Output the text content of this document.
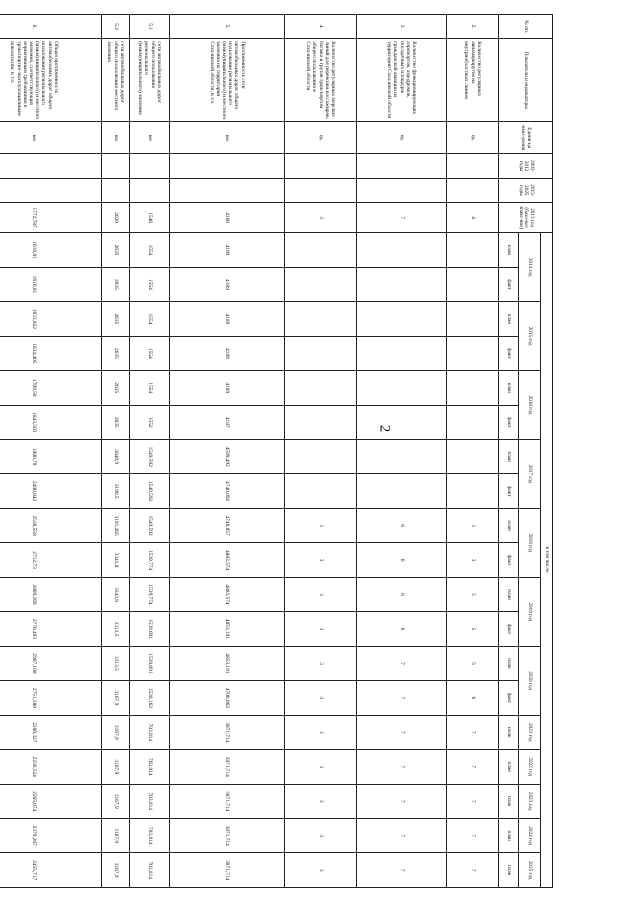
2
№ пп.	Показатели и индикаторы	Едини-ца изме-рения	2003-2012 годы	2013-2025 годы	2013 год (базо-вое значе-ние)	в том числе:																		
						2014 год		2015 год		2016 год		2017 год		2018 год		2019 год		2020 год		2021 год	2022 год	2023 год	2024 год	2025 год
						план	факт	план	факт	план	факт	план	факт	план	факт	план	факт	план	факт	план	план	план	план	план
2.	Количество регулярных авиамаршрутов на внутриобластных линиях	ед.			4									3	3	5	5	5	6	7	7	7	7	7
3.	Количество функционирующих аэропортов, аэродромов, посадочных площадок гражданской авиации на территории Сахалинской области	ед.			7									6	6	6	6	7	7	7	7	7	7	7
4.	Количество регулярных морских линий для перевозки пассажиров, багажа и грузов транспортом общего пользования в Сахалинской области	ед.			3									3	3	3	3	3	3	3	3	3	3	3
5.	Протяженность сети автомобильных дорог общего пользования регионального (межмуниципального) и местного значения на территории Сахалинской области, в т.ч.	км			4166	4189	4189	4189	4189	4189	4187	4599,492	4740,092	4740,857	4883,574	4883,574	4853,191	4853,191	4706,062	3871,714	3871,714	3871,714	3871,714	3871,714
5.1	сети автомобильных дорог общего пользования регионального (межмуниципального) значения	км			1546	1554	1554	1554	1554	1554	1552	1549,592	1549,592	1549,592	1539,774	1539,774	1539,691	1539,691	1538,162	703,814	703,814	703,814	703,814	703,814
5.2	сети автомобильных дорог общего пользования местного значения	км			2620	2635	2635	2635	2635	2635	2635	3040,9	3190,5	3191,265	3343,8	3343,8	3313,5	3313,5	3167,9	3167,9	3167,9	3167,9	3167,9	3167,9
6.	Общая протяженность автомобильных дорог общего пользования регионального (межмуниципального) и местного значения, соответствующих нормативным требованиям к транспортно-эксплуатационным показателям, в т.ч.	км			1772,787	1610,81	1610,81	1633,822	1634,405	1709,58	1843,503	1800,78	2490,842	2536,558	2712,73	2809,269	2770,493	2907,108	2751,380	2200,327	2236,524	2265,074	2379,207	2455,717
